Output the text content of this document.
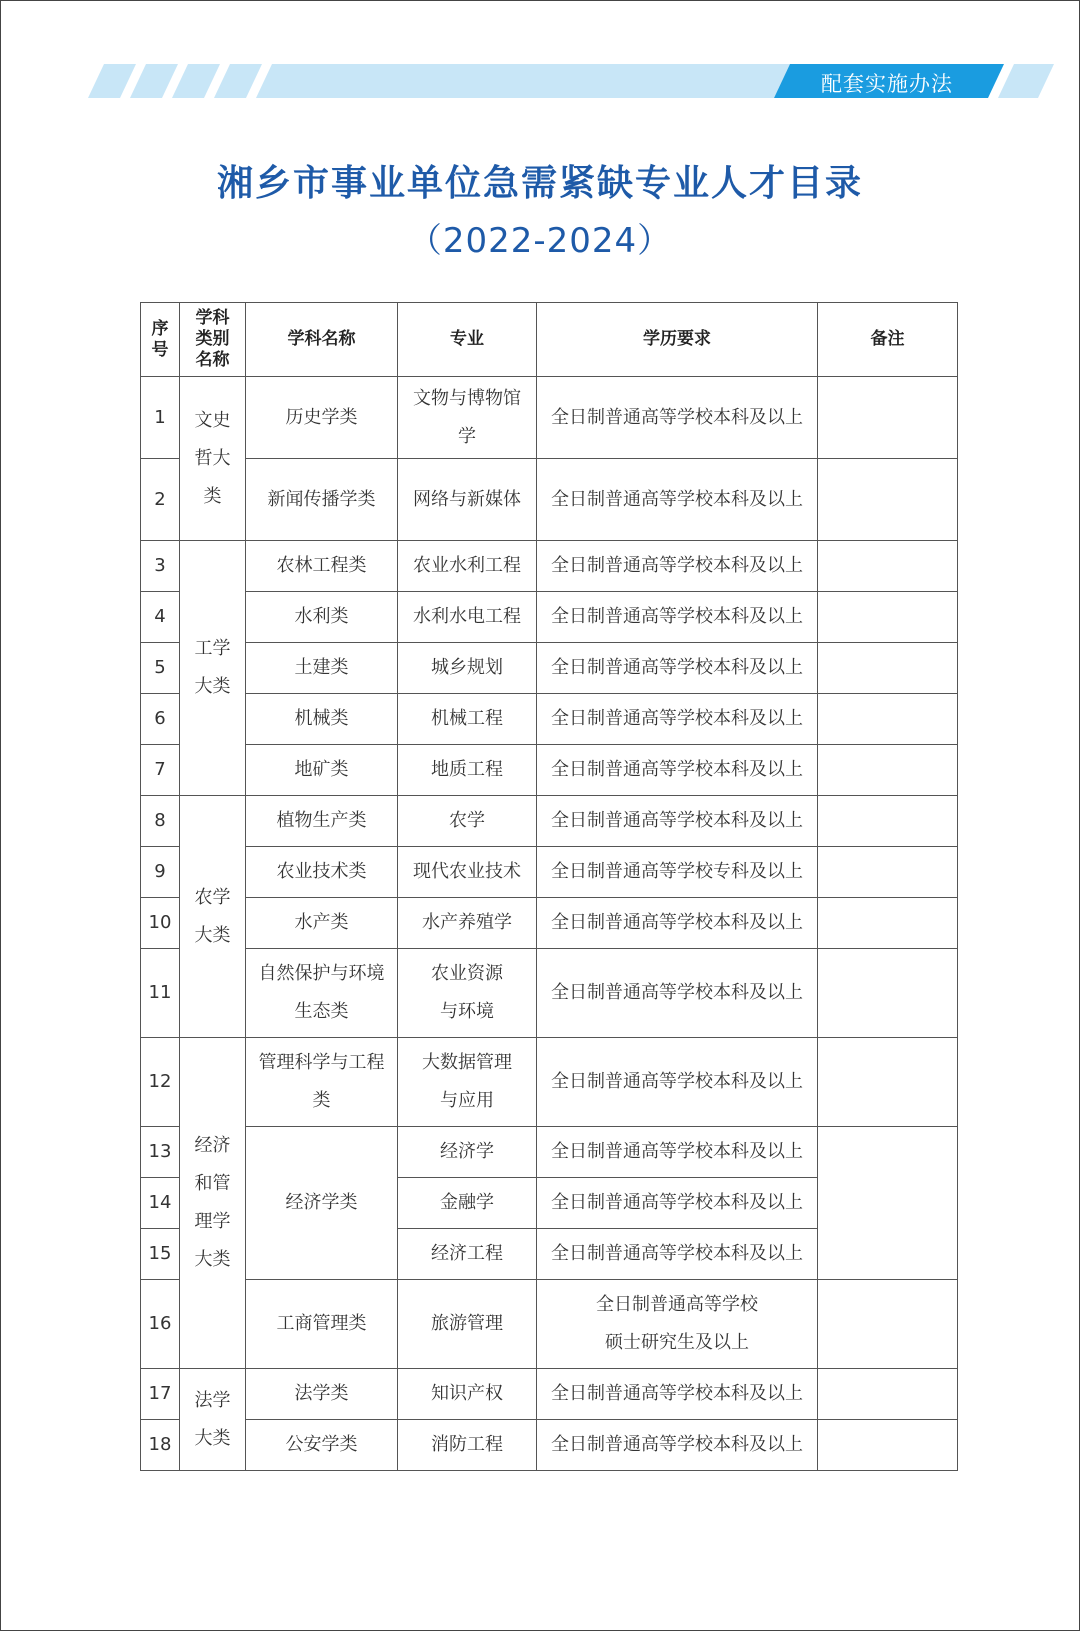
配套实施办法
湘乡市事业单位急需紧缺专业人才目录
（2022-2024）
序号	学科类别名称	学科名称	专业	学历要求	备注
1	文史哲大类	历史学类	文物与博物馆学	全日制普通高等学校本科及以上	
2		新闻传播学类	网络与新媒体	全日制普通高等学校本科及以上	
3	工学大类	农林工程类	农业水利工程	全日制普通高等学校本科及以上	
4		水利类	水利水电工程	全日制普通高等学校本科及以上	
5		土建类	城乡规划	全日制普通高等学校本科及以上	
6		机械类	机械工程	全日制普通高等学校本科及以上	
7		地矿类	地质工程	全日制普通高等学校本科及以上	
8	农学大类	植物生产类	农学	全日制普通高等学校本科及以上	
9		农业技术类	现代农业技术	全日制普通高等学校专科及以上	
10		水产类	水产养殖学	全日制普通高等学校本科及以上	
11		自然保护与环境生态类	农业资源与环境	全日制普通高等学校本科及以上	
12	经济和管理学大类	管理科学与工程类	大数据管理与应用	全日制普通高等学校本科及以上	
13		经济学类	经济学	全日制普通高等学校本科及以上	
14			金融学	全日制普通高等学校本科及以上	
15			经济工程	全日制普通高等学校本科及以上	
16		工商管理类	旅游管理	全日制普通高等学校硕士研究生及以上	
17	法学大类	法学类	知识产权	全日制普通高等学校本科及以上	
18		公安学类	消防工程	全日制普通高等学校本科及以上	
